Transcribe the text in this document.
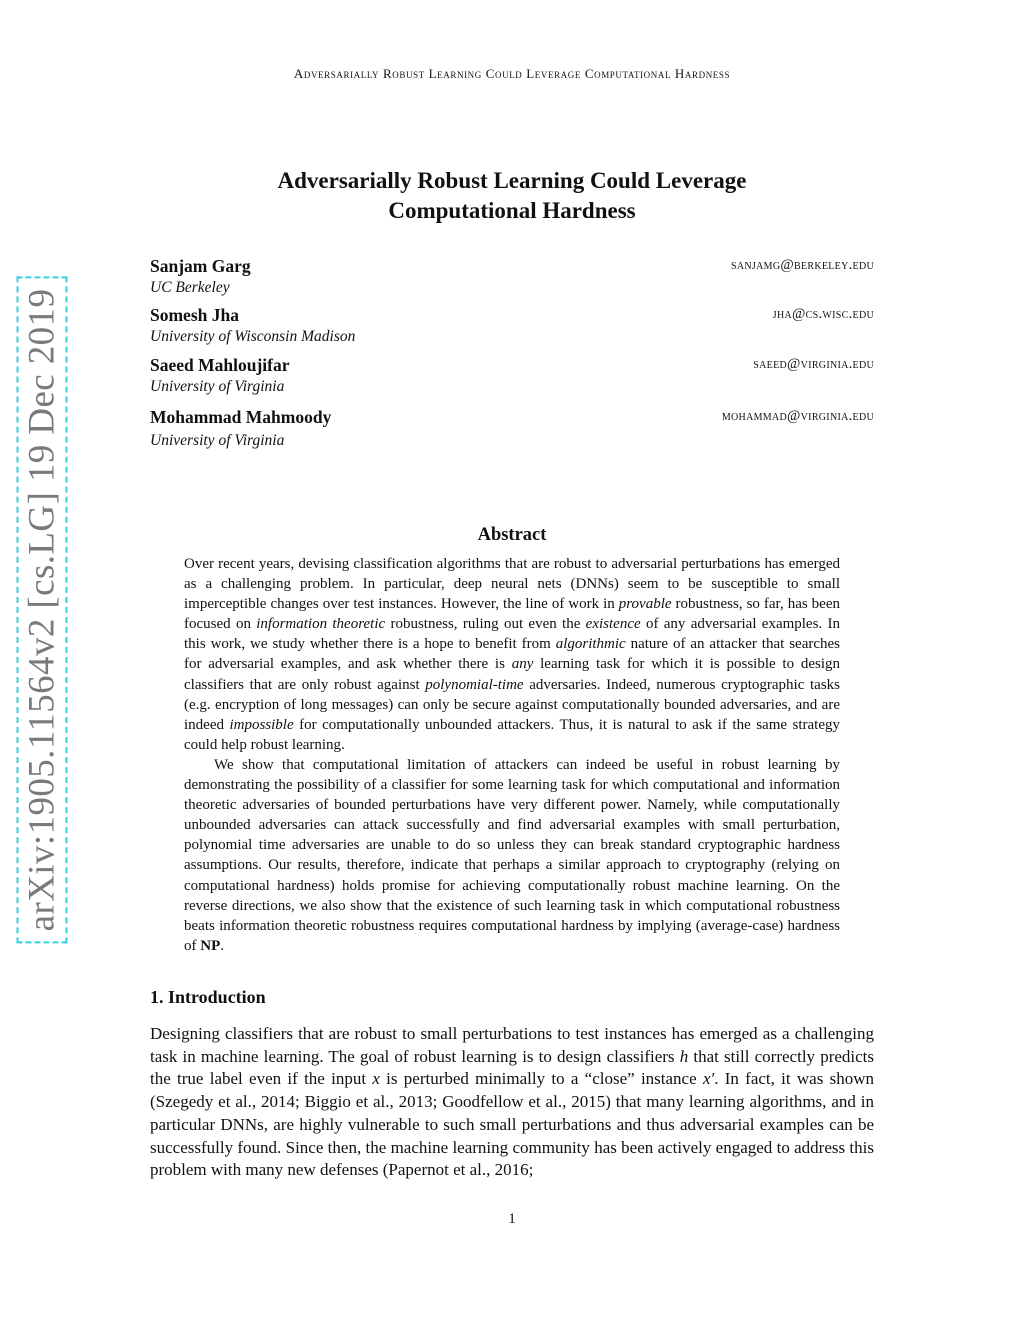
Adversarially Robust Learning Could Leverage Computational Hardness
Adversarially Robust Learning Could Leverage
Computational Hardness
Sanjam Garg
UC Berkeley
sanjamg@berkeley.edu
Somesh Jha
University of Wisconsin Madison
jha@cs.wisc.edu
Saeed Mahloujifar
University of Virginia
saeed@virginia.edu
Mohammad Mahmoody
University of Virginia
mohammad@virginia.edu
arXiv:1905.11564v2 [cs.LG] 19 Dec 2019	Abstract

Over recent years, devising classification algorithms that are robust to adversarial perturbations has emerged as a challenging problem. In particular, deep neural nets (DNNs) seem to be susceptible to small imperceptible changes over test instances. However, the line of work in provable robustness, so far, has been focused on information theoretic robustness, ruling out even the existence of any adversarial examples. In this work, we study whether there is a hope to benefit from algorithmic nature of an attacker that searches for adversarial examples, and ask whether there is any learning task for which it is possible to design classifiers that are only robust against polynomial-time adversaries. Indeed, numerous cryptographic tasks (e.g. encryption of long messages) can only be secure against computationally bounded adversaries, and are indeed impossible for computationally unbounded attackers. Thus, it is natural to ask if the same strategy could help robust learning.

We show that computational limitation of attackers can indeed be useful in robust learning by demonstrating the possibility of a classifier for some learning task for which computational and information theoretic adversaries of bounded perturbations have very different power. Namely, while computationally unbounded adversaries can attack successfully and find adversarial examples with small perturbation, polynomial time adversaries are unable to do so unless they can break standard cryptographic hardness assumptions. Our results, therefore, indicate that perhaps a similar approach to cryptography (relying on computational hardness) holds promise for achieving computationally robust machine learning. On the reverse directions, we also show that the existence of such learning task in which computational robustness beats information theoretic robustness requires computational hardness by implying (average-case) hardness of NP.

1. Introduction

Designing classifiers that are robust to small perturbations to test instances has emerged as a challenging task in machine learning. The goal of robust learning is to design classifiers h that still correctly predicts the true label even if the input x is perturbed minimally to a “close” instance x′. In fact, it was shown (Szegedy et al., 2014; Biggio et al., 2013; Goodfellow et al., 2015) that many learning algorithms, and in particular DNNs, are highly vulnerable to such small perturbations and thus adversarial examples can be successfully found. Since then, the machine learning community has been actively engaged to address this problem with many new defenses (Papernot et al., 2016;

1
